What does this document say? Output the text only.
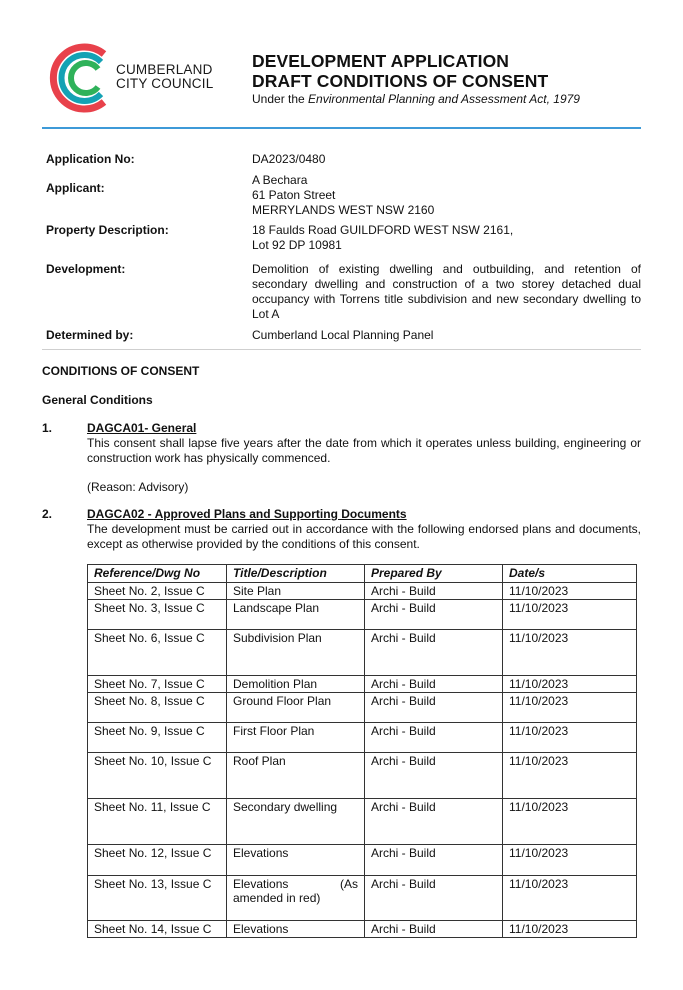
CUMBERLAND
CITY COUNCIL
DEVELOPMENT APPLICATION
DRAFT CONDITIONS OF CONSENT
Under the Environmental Planning and Assessment Act, 1979
Application No:	DA2023/0480
Applicant:
A Bechara
61 Paton Street
MERRYLANDS WEST NSW 2160
Property Description:	18 Faulds Road GUILDFORD WEST NSW 2161,
Lot 92 DP 10981
Development:	Demolition of existing dwelling and outbuilding, and retention of secondary dwelling and construction of a two storey detached dual occupancy with Torrens title subdivision and new secondary dwelling to Lot A
Determined by:	Cumberland Local Planning Panel
CONDITIONS OF CONSENT
General Conditions
1.	DAGCA01- General

This consent shall lapse five years after the date from which it operates unless building, engineering or construction work has physically commenced.

(Reason: Advisory)

2.	DAGCA02 - Approved Plans and Supporting Documents

The development must be carried out in accordance with the following endorsed plans and documents, except as otherwise provided by the conditions of this consent.

Reference/Dwg No	Title/Description	Prepared By	Date/s
Sheet No. 2, Issue C	Site Plan	Archi - Build	11/10/2023
Sheet No. 3, Issue C	Landscape Plan	Archi - Build	11/10/2023
Sheet No. 6, Issue C	Subdivision Plan	Archi - Build	11/10/2023
Sheet No. 7, Issue C	Demolition Plan	Archi - Build	11/10/2023
Sheet No. 8, Issue C	Ground Floor Plan	Archi - Build	11/10/2023
Sheet No. 9, Issue C	First Floor Plan	Archi - Build	11/10/2023
Sheet No. 10, Issue C	Roof Plan	Archi - Build	11/10/2023
Sheet No. 11, Issue C	Secondary dwelling	Archi - Build	11/10/2023
Sheet No. 12, Issue C	Elevations	Archi - Build	11/10/2023
Sheet No. 13, Issue C	Elevations (As amended in red)	Archi - Build	11/10/2023
Sheet No. 14, Issue C	Elevations	Archi - Build	11/10/2023
